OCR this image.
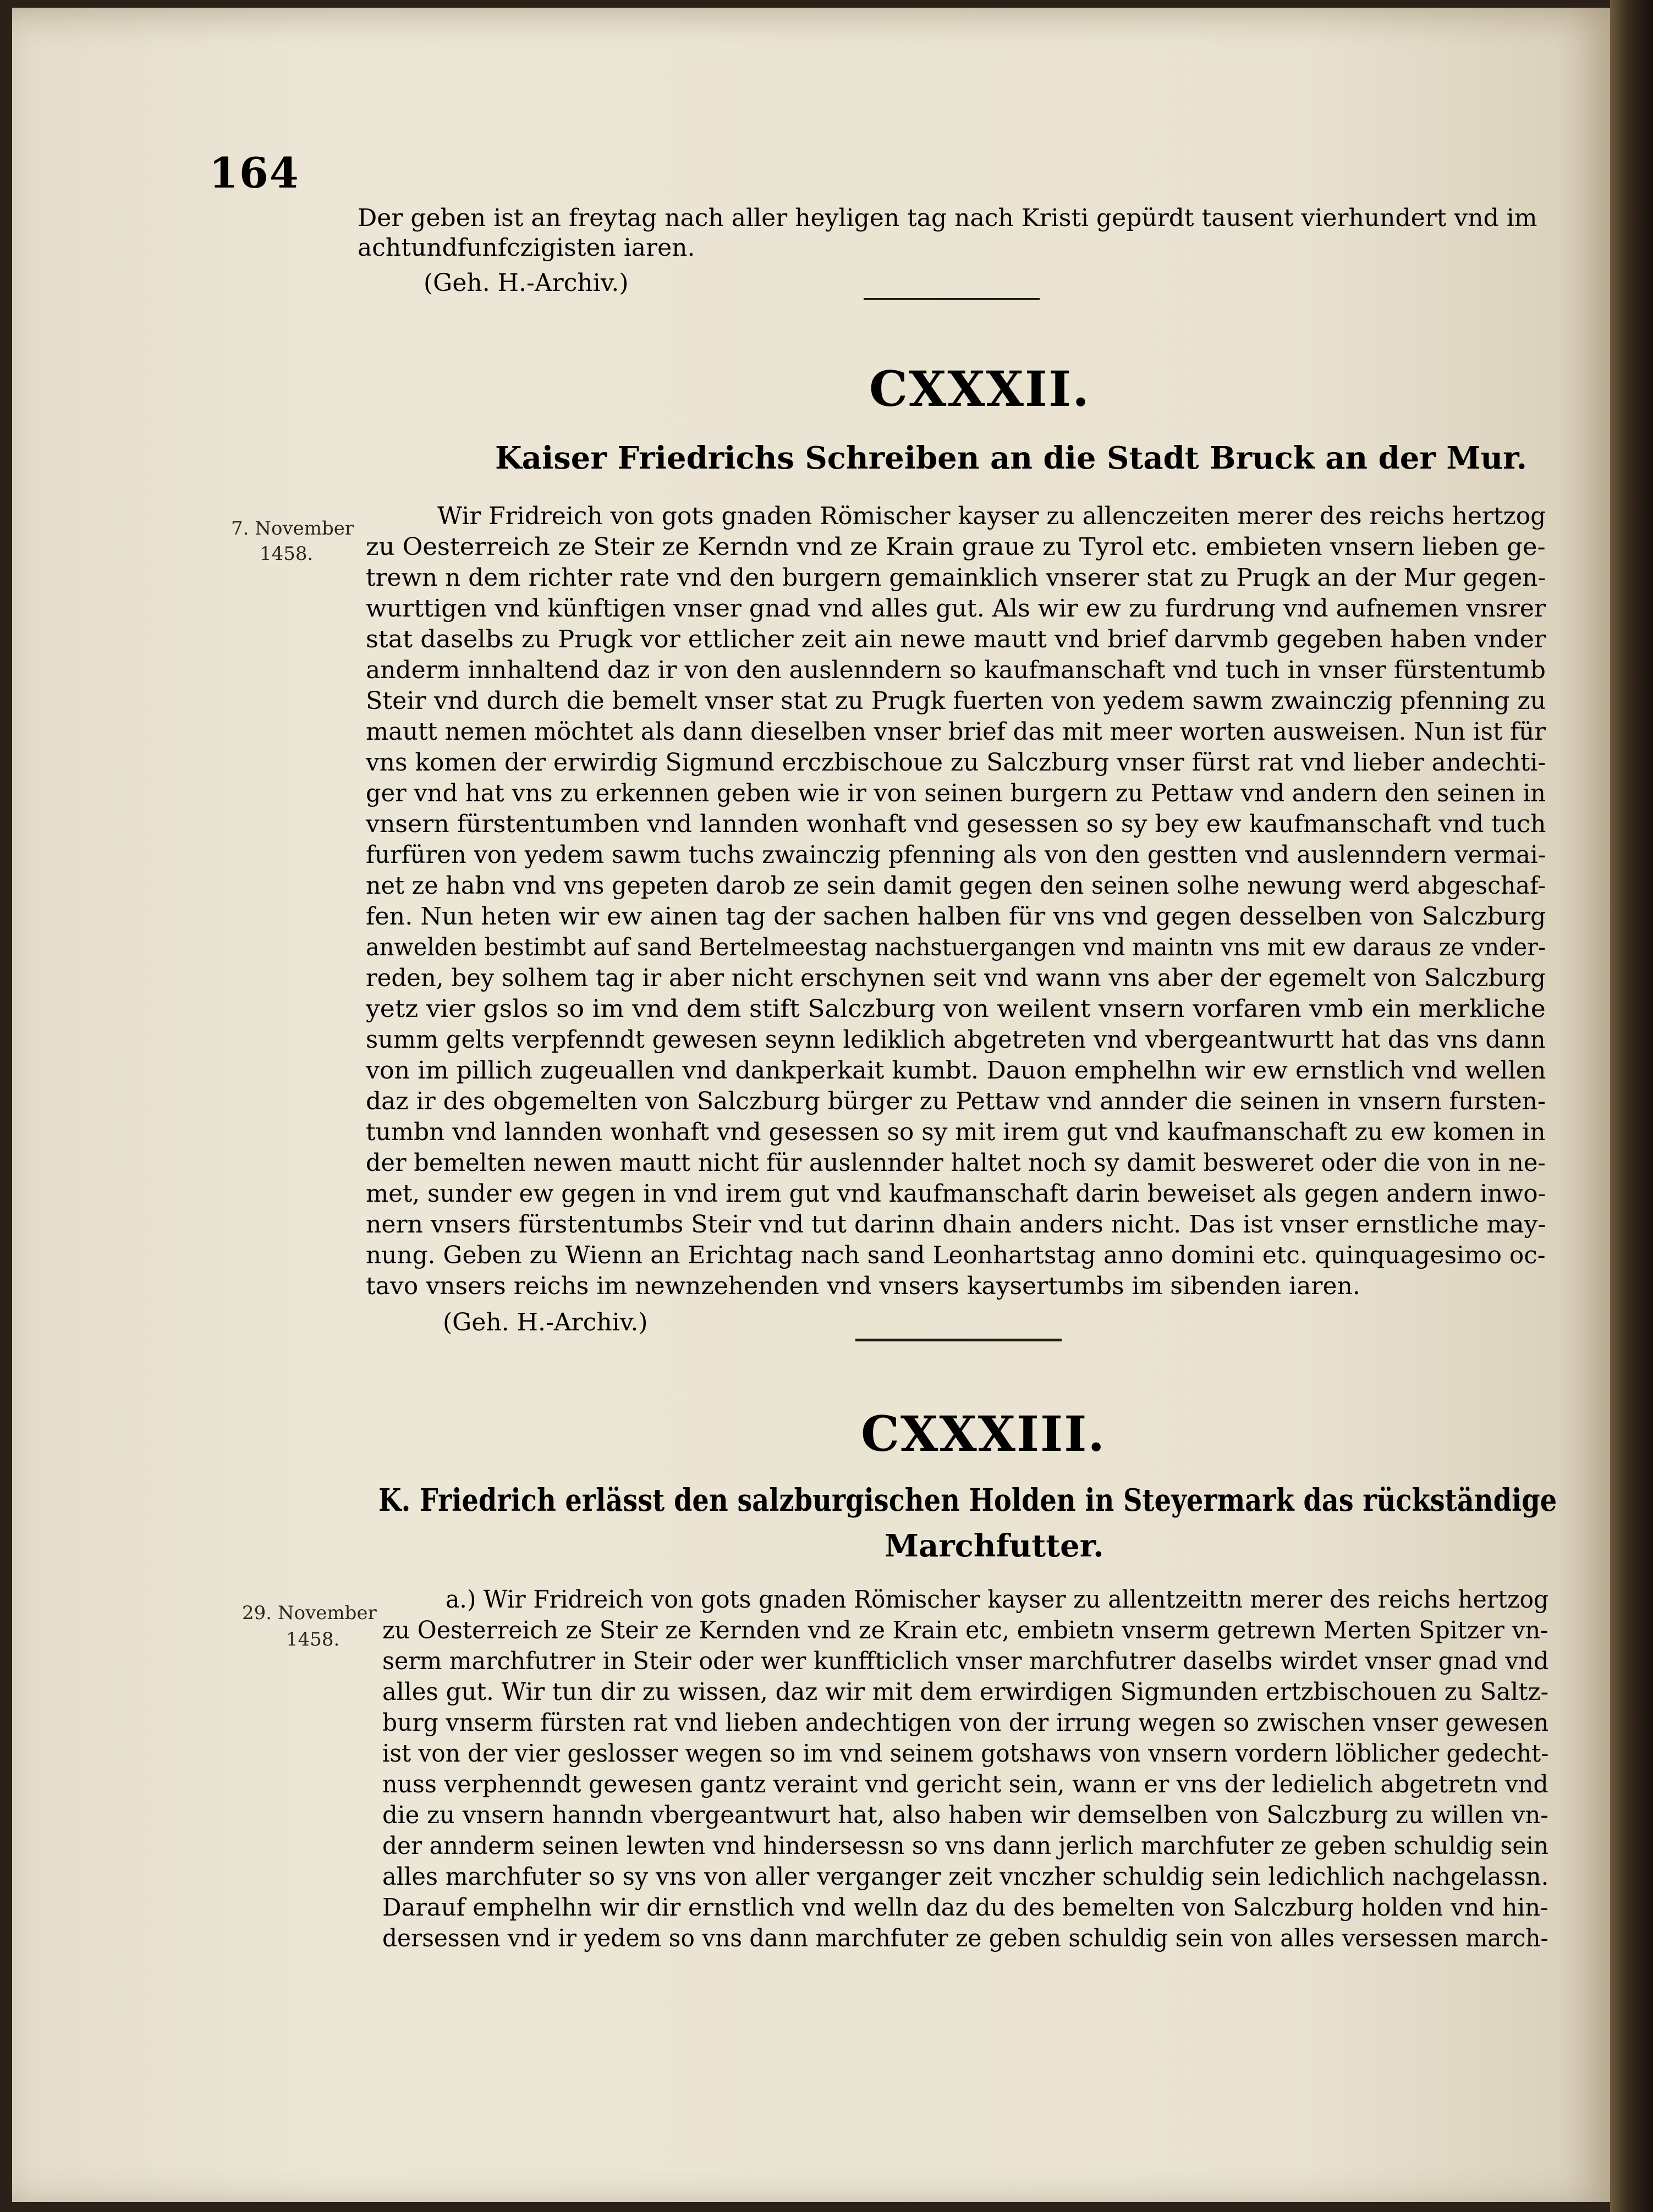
164
Der geben ist an freytag nach aller heyligen tag nach Kristi gepürdt tausent vierhundert vnd im
achtundfunfczigisten iaren.
(Geh. H.-Archiv.)
CXXXII.
Kaiser Friedrichs Schreiben an die Stadt Bruck an der Mur.
7. November
1458.
Wir Fridreich von gots gnaden Römischer kayser zu allenczeiten merer des reichs hertzog
zu Oesterreich ze Steir ze Kerndn vnd ze Krain graue zu Tyrol etc. embieten vnsern lieben ge-
trewn n dem richter rate vnd den burgern gemainklich vnserer stat zu Prugk an der Mur gegen-
wurttigen vnd künftigen vnser gnad vnd alles gut. Als wir ew zu furdrung vnd aufnemen vnsrer
stat daselbs zu Prugk vor ettlicher zeit ain newe mautt vnd brief darvmb gegeben haben vnder
anderm innhaltend daz ir von den auslenndern so kaufmanschaft vnd tuch in vnser fürstentumb
Steir vnd durch die bemelt vnser stat zu Prugk fuerten von yedem sawm zwainczig pfenning zu
mautt nemen möchtet als dann dieselben vnser brief das mit meer worten ausweisen. Nun ist für
vns komen der erwirdig Sigmund erczbischoue zu Salczburg vnser fürst rat vnd lieber andechti-
ger vnd hat vns zu erkennen geben wie ir von seinen burgern zu Pettaw vnd andern den seinen in
vnsern fürstentumben vnd lannden wonhaft vnd gesessen so sy bey ew kaufmanschaft vnd tuch
furfüren von yedem sawm tuchs zwainczig pfenning als von den gestten vnd auslenndern vermai-
net ze habn vnd vns gepeten darob ze sein damit gegen den seinen solhe newung werd abgeschaf-
fen. Nun heten wir ew ainen tag der sachen halben für vns vnd gegen desselben von Salczburg
anwelden bestimbt auf sand Bertelmeestag nachstuergangen vnd maintn vns mit ew daraus ze vnder-
reden, bey solhem tag ir aber nicht erschynen seit vnd wann vns aber der egemelt von Salczburg
yetz vier gslos so im vnd dem stift Salczburg von weilent vnsern vorfaren vmb ein merkliche
summ gelts verpfenndt gewesen seynn lediklich abgetreten vnd vbergeantwurtt hat das vns dann
von im pillich zugeuallen vnd dankperkait kumbt. Dauon emphelhn wir ew ernstlich vnd wellen
daz ir des obgemelten von Salczburg bürger zu Pettaw vnd annder die seinen in vnsern fursten-
tumbn vnd lannden wonhaft vnd gesessen so sy mit irem gut vnd kaufmanschaft zu ew komen in
der bemelten newen mautt nicht für auslennder haltet noch sy damit besweret oder die von in ne-
met, sunder ew gegen in vnd irem gut vnd kaufmanschaft darin beweiset als gegen andern inwo-
nern vnsers fürstentumbs Steir vnd tut darinn dhain anders nicht. Das ist vnser ernstliche may-
nung. Geben zu Wienn an Erichtag nach sand Leonhartstag anno domini etc. quinquagesimo oc-
tavo vnsers reichs im newnzehenden vnd vnsers kaysertumbs im sibenden iaren.
(Geh. H.-Archiv.)
CXXXIII.
K. Friedrich erlässt den salzburgischen Holden in Steyermark das rückständige
Marchfutter.
29. November
1458.
a.) Wir Fridreich von gots gnaden Römischer kayser zu allentzeittn merer des reichs hertzog
zu Oesterreich ze Steir ze Kernden vnd ze Krain etc, embietn vnserm getrewn Merten Spitzer vn-
serm marchfutrer in Steir oder wer kunffticlich vnser marchfutrer daselbs wirdet vnser gnad vnd
alles gut. Wir tun dir zu wissen, daz wir mit dem erwirdigen Sigmunden ertzbischouen zu Saltz-
burg vnserm fürsten rat vnd lieben andechtigen von der irrung wegen so zwischen vnser gewesen
ist von der vier geslosser wegen so im vnd seinem gotshaws von vnsern vordern löblicher gedecht-
nuss verphenndt gewesen gantz veraint vnd gericht sein, wann er vns der ledielich abgetretn vnd
die zu vnsern hanndn vbergeantwurt hat, also haben wir demselben von Salczburg zu willen vn-
der annderm seinen lewten vnd hindersessn so vns dann jerlich marchfuter ze geben schuldig sein
alles marchfuter so sy vns von aller verganger zeit vnczher schuldig sein ledichlich nachgelassn.
Darauf emphelhn wir dir ernstlich vnd welln daz du des bemelten von Salczburg holden vnd hin-
dersessen vnd ir yedem so vns dann marchfuter ze geben schuldig sein von alles versessen march-
